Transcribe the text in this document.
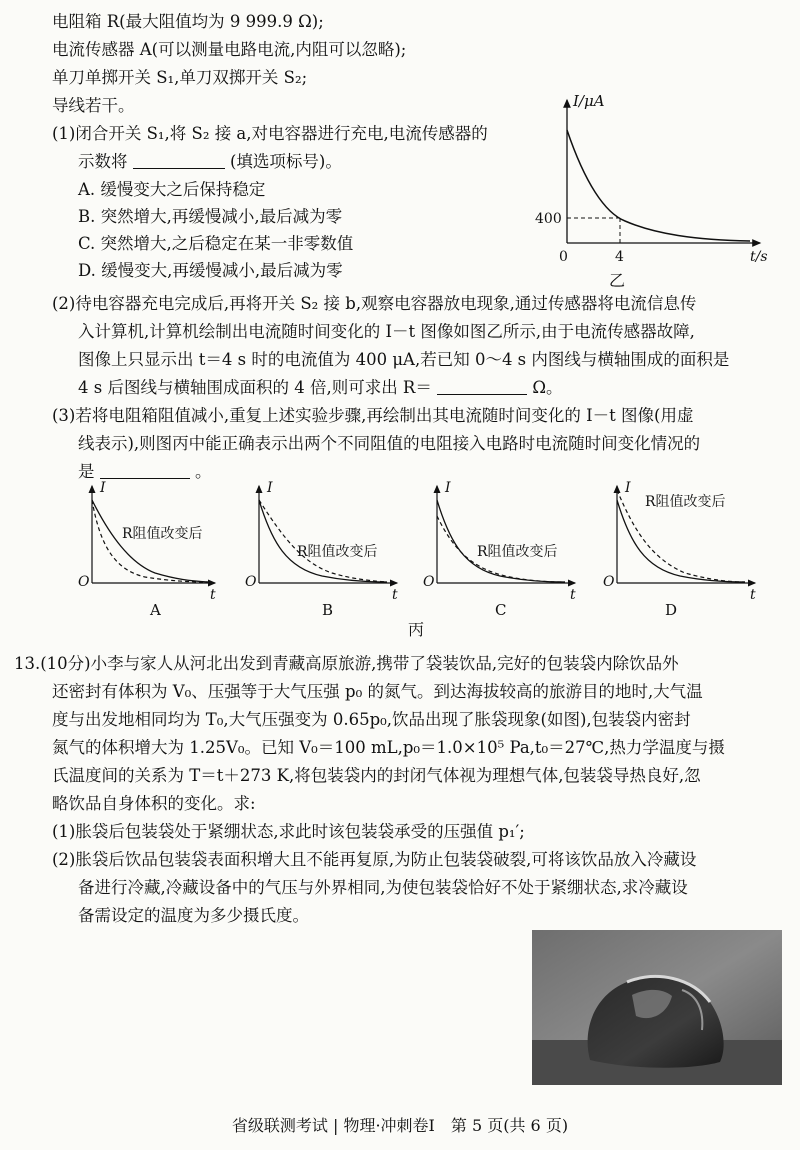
电阻箱 R(最大阻值均为 9 999.9 Ω);
电流传感器 A(可以测量电路电流,内阻可以忽略);
单刀单掷开关 S₁,单刀双掷开关 S₂;
导线若干。
(1)闭合开关 S₁,将 S₂ 接 a,对电容器进行充电,电流传感器的
示数将	(填选项标号)。
A. 缓慢变大之后保持稳定
B. 突然增大,再缓慢减小,最后减为零
C. 突然增大,之后稳定在某一非零数值
D. 缓慢变大,再缓慢减小,最后减为零
I/μA
t/s
0	4
400
乙
(2)待电容器充电完成后,再将开关 S₂ 接 b,观察电容器放电现象,通过传感器将电流信息传
入计算机,计算机绘制出电流随时间变化的 I－t 图像如图乙所示,由于电流传感器故障,
图像上只显示出 t＝4 s 时的电流值为 400 μA,若已知 0～4 s 内图线与横轴围成的面积是
4 s 后图线与横轴围成面积的 4 倍,则可求出 R＝	Ω。
(3)若将电阻箱阻值减小,重复上述实验步骤,再绘制出其电流随时间变化的 I－t 图像(用虚
线表示),则图丙中能正确表示出两个不同阻值的电阻接入电路时电流随时间变化情况的
是	。
I
t
O
R阻值改变后
A
I
t
O
R阻值改变后
B
I
t
O
R阻值改变后
C
I
t
O
R阻值改变后
D
丙
13.(10分)小李与家人从河北出发到青藏高原旅游,携带了袋装饮品,完好的包装袋内除饮品外
还密封有体积为 V₀、压强等于大气压强 p₀ 的氮气。到达海拔较高的旅游目的地时,大气温
度与出发地相同均为 T₀,大气压强变为 0.65p₀,饮品出现了胀袋现象(如图),包装袋内密封
氮气的体积增大为 1.25V₀。已知 V₀＝100 mL,p₀＝1.0×10⁵ Pa,t₀＝27℃,热力学温度与摄
氏温度间的关系为 T＝t＋273 K,将包装袋内的封闭气体视为理想气体,包装袋导热良好,忽
略饮品自身体积的变化。求:
(1)胀袋后包装袋处于紧绷状态,求此时该包装袋承受的压强值 p₁′;
(2)胀袋后饮品包装袋表面积增大且不能再复原,为防止包装袋破裂,可将该饮品放入冷藏设
备进行冷藏,冷藏设备中的气压与外界相同,为使包装袋恰好不处于紧绷状态,求冷藏设
备需设定的温度为多少摄氏度。
省级联测考试 | 物理·冲刺卷Ⅰ　第 5 页(共 6 页)
